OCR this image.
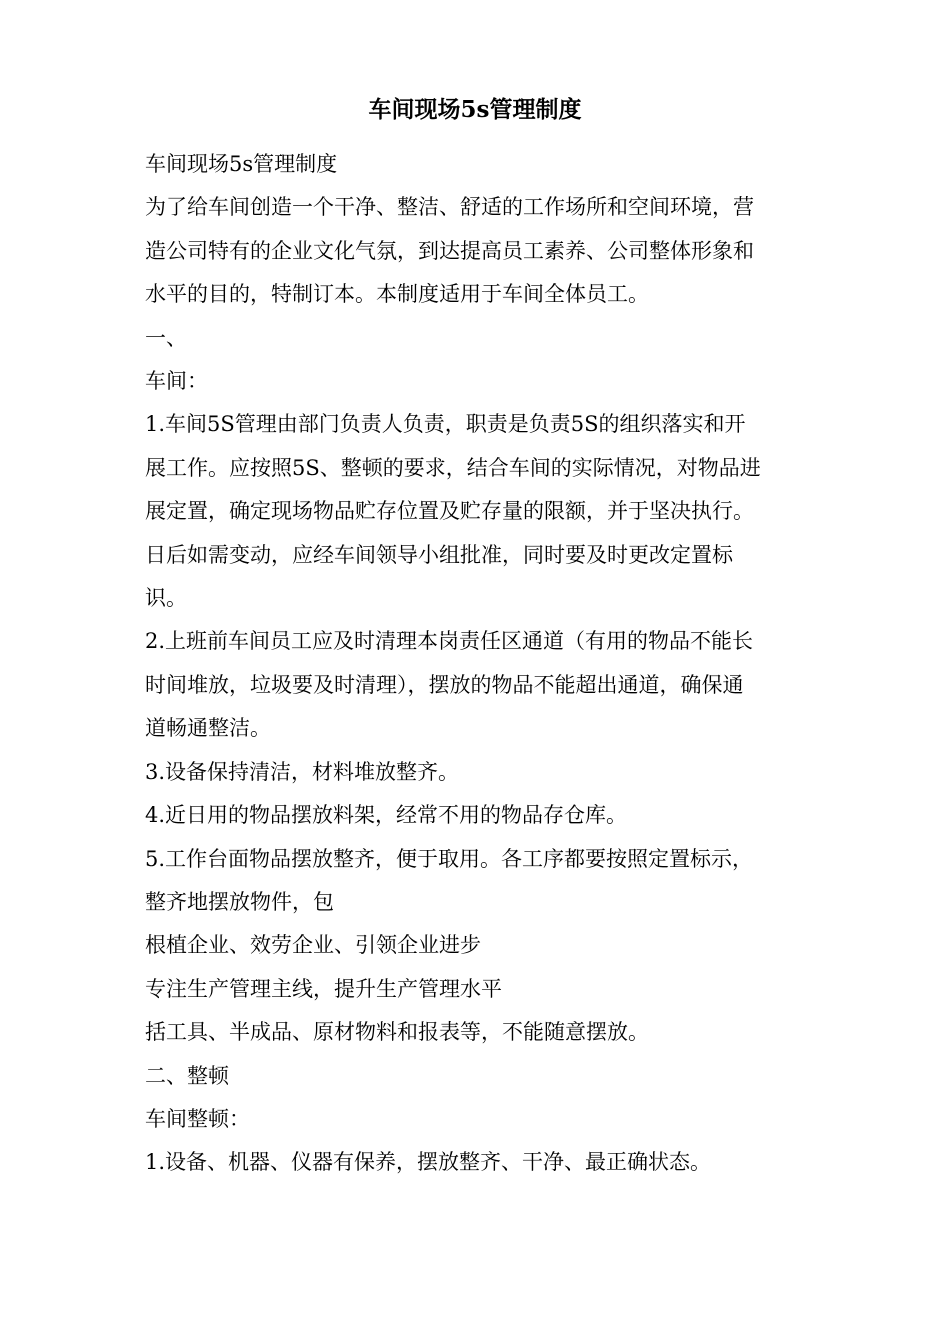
车间现场5s管理制度

车间现场5s管理制度

为了给车间创造一个干净、整洁、舒适的工作场所和空间环境，营

造公司特有的企业文化气氛，到达提高员工素养、公司整体形象和

水平的目的，特制订本。本制度适用于车间全体员工。

一、

车间：

1.车间5S管理由部门负责人负责，职责是负责5S的组织落实和开

展工作。应按照5S、整顿的要求，结合车间的实际情况，对物品进

展定置，确定现场物品贮存位置及贮存量的限额，并于坚决执行。

日后如需变动，应经车间领导小组批准，同时要及时更改定置标

识。

2.上班前车间员工应及时清理本岗责任区通道（有用的物品不能长

时间堆放，垃圾要及时清理），摆放的物品不能超出通道，确保通

道畅通整洁。

3.设备保持清洁，材料堆放整齐。

4.近日用的物品摆放料架，经常不用的物品存仓库。

5.工作台面物品摆放整齐，便于取用。各工序都要按照定置标示，

整齐地摆放物件，包

根植企业、效劳企业、引领企业进步

专注生产管理主线，提升生产管理水平

括工具、半成品、原材物料和报表等，不能随意摆放。

二、整顿

车间整顿：

1.设备、机器、仪器有保养，摆放整齐、干净、最正确状态。
